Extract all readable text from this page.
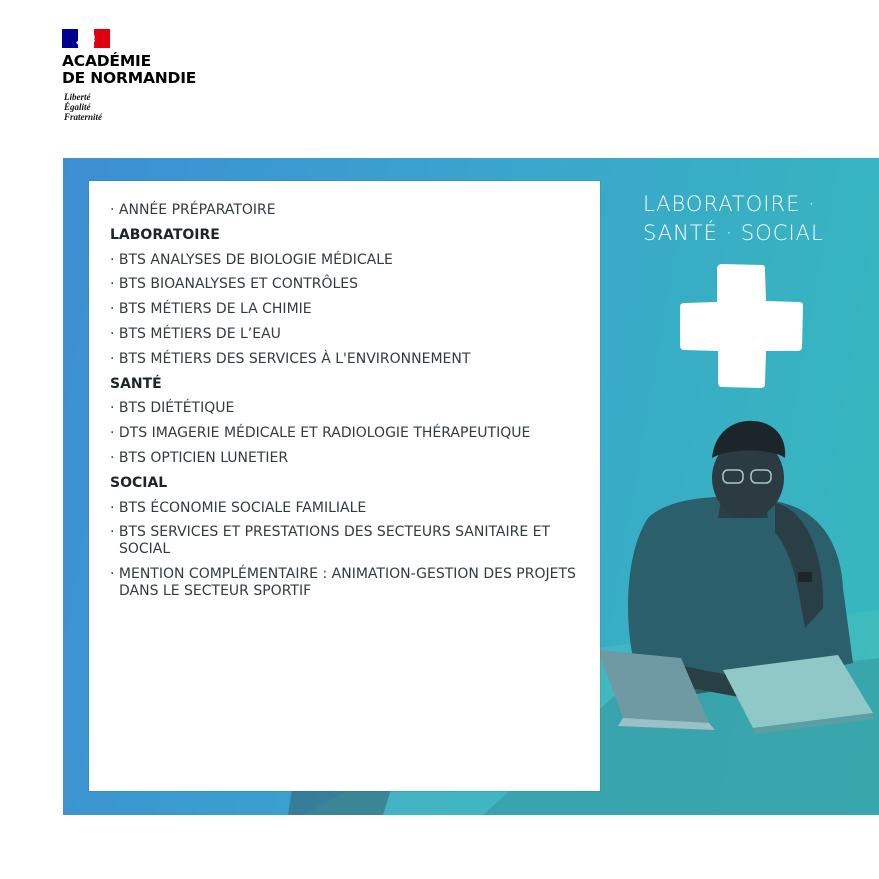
ACADÉMIE
DE NORMANDIE
Liberté
Égalité
Fraternité
LABORATOIRE ·
SANTÉ · SOCIAL
· ANNÉE PRÉPARATOIRE
LABORATOIRE
· BTS ANALYSES DE BIOLOGIE MÉDICALE
· BTS BIOANALYSES ET CONTRÔLES
· BTS MÉTIERS DE LA CHIMIE
· BTS MÉTIERS DE L’EAU
· BTS MÉTIERS DES SERVICES À L'ENVIRONNEMENT
SANTÉ
· BTS DIÉTÉTIQUE
· DTS IMAGERIE MÉDICALE ET RADIOLOGIE THÉRAPEUTIQUE
· BTS OPTICIEN LUNETIER
SOCIAL
· BTS ÉCONOMIE SOCIALE FAMILIALE
· BTS SERVICES ET PRESTATIONS DES SECTEURS SANITAIRE ET SOCIAL
· MENTION COMPLÉMENTAIRE : ANIMATION-GESTION DES PROJETS DANS LE SECTEUR SPORTIF
